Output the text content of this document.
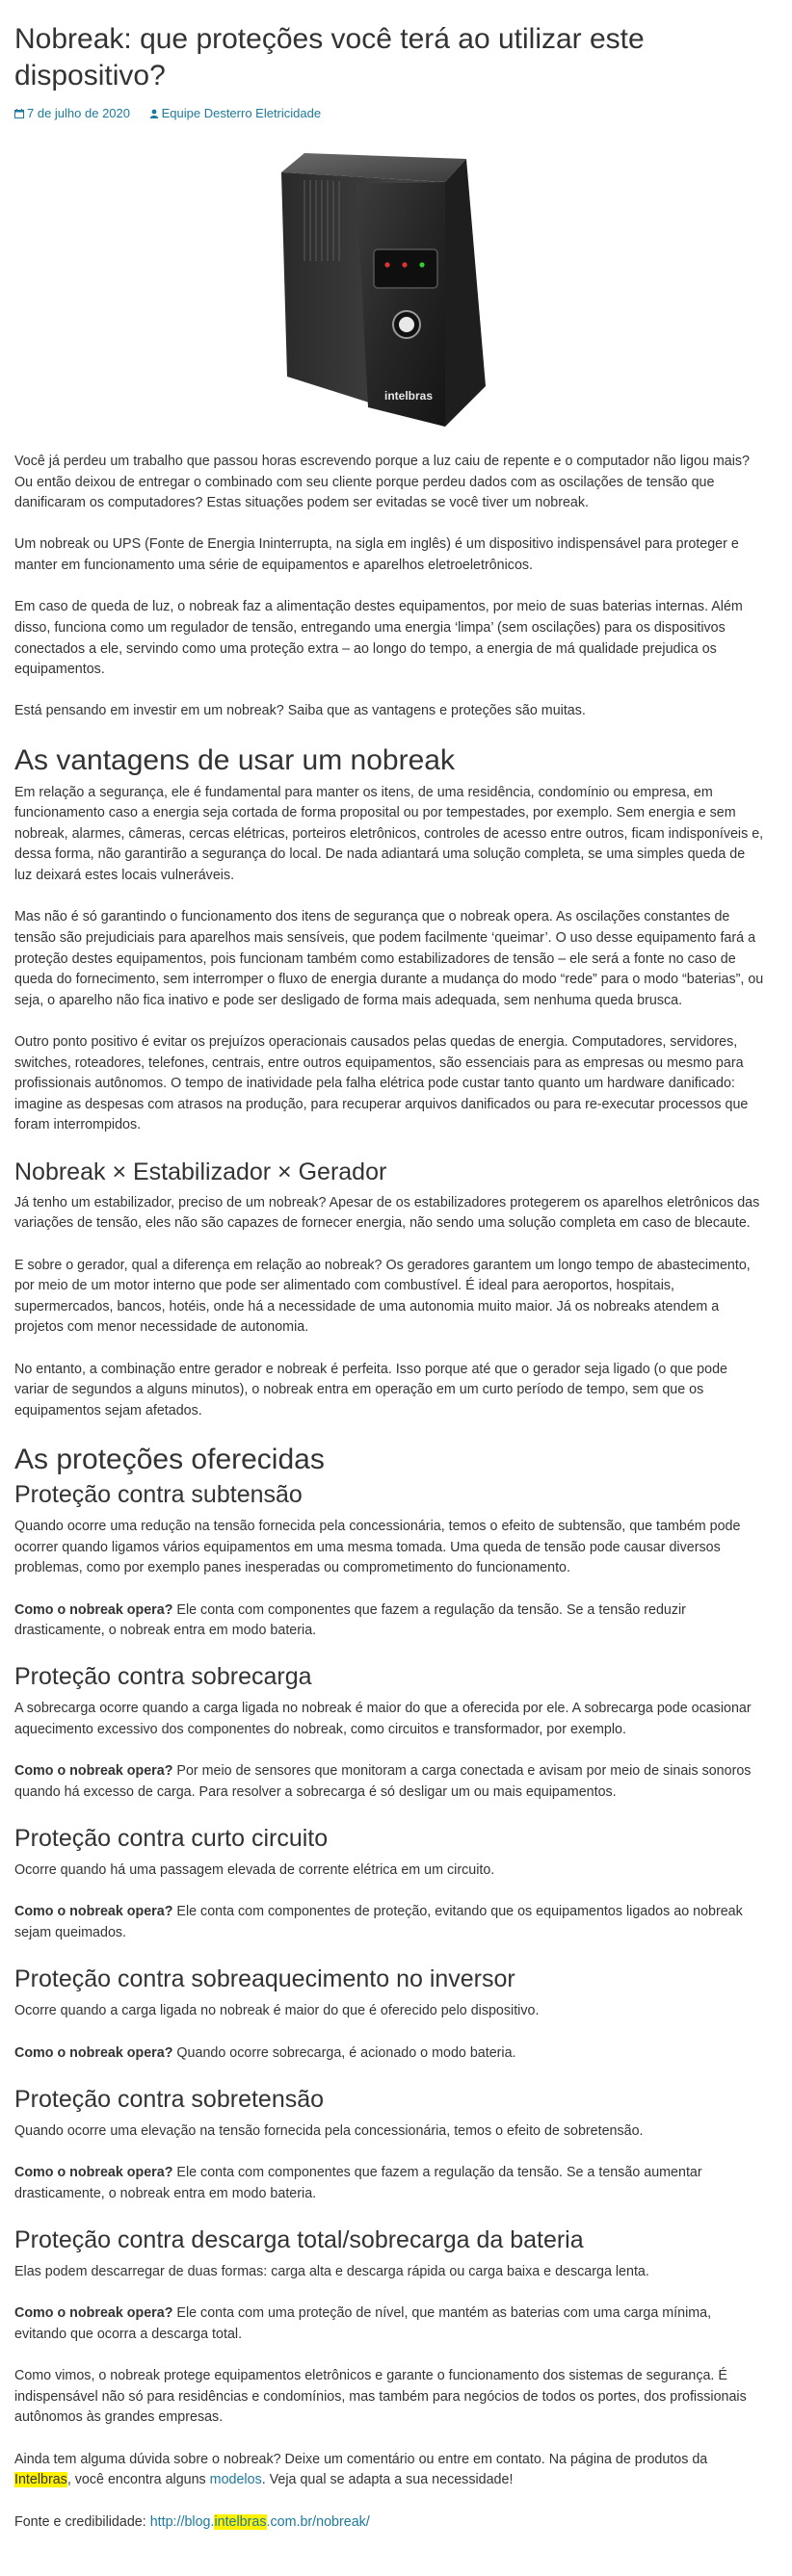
Nobreak: que proteções você terá ao utilizar este dispositivo?
7 de julho de 2020	Equipe Desterro Eletricidade
intelbras

Você já perdeu um trabalho que passou horas escrevendo porque a luz caiu de repente e o computador não ligou mais? Ou então deixou de entregar o combinado com seu cliente porque perdeu dados com as oscilações de tensão que danificaram os computadores? Estas situações podem ser evitadas se você tiver um nobreak.

Um nobreak ou UPS (Fonte de Energia Ininterrupta, na sigla em inglês) é um dispositivo indispensável para proteger e manter em funcionamento uma série de equipamentos e aparelhos eletroeletrônicos.

Em caso de queda de luz, o nobreak faz a alimentação destes equipamentos, por meio de suas baterias internas. Além disso, funciona como um regulador de tensão, entregando uma energia ‘limpa’ (sem oscilações) para os dispositivos conectados a ele, servindo como uma proteção extra – ao longo do tempo, a energia de má qualidade prejudica os equipamentos.

Está pensando em investir em um nobreak? Saiba que as vantagens e proteções são muitas.

As vantagens de usar um nobreak

Em relação a segurança, ele é fundamental para manter os itens, de uma residência, condomínio ou empresa, em funcionamento caso a energia seja cortada de forma proposital ou por tempestades, por exemplo. Sem energia e sem nobreak, alarmes, câmeras, cercas elétricas, porteiros eletrônicos, controles de acesso entre outros, ficam indisponíveis e, dessa forma, não garantirão a segurança do local. De nada adiantará uma solução completa, se uma simples queda de luz deixará estes locais vulneráveis.

Mas não é só garantindo o funcionamento dos itens de segurança que o nobreak opera. As oscilações constantes de tensão são prejudiciais para aparelhos mais sensíveis, que podem facilmente ‘queimar’. O uso desse equipamento fará a proteção destes equipamentos, pois funcionam também como estabilizadores de tensão – ele será a fonte no caso de queda do fornecimento, sem interromper o fluxo de energia durante a mudança do modo “rede” para o modo “baterias”, ou seja, o aparelho não fica inativo e pode ser desligado de forma mais adequada, sem nenhuma queda brusca.

Outro ponto positivo é evitar os prejuízos operacionais causados pelas quedas de energia. Computadores, servidores, switches, roteadores, telefones, centrais, entre outros equipamentos, são essenciais para as empresas ou mesmo para profissionais autônomos. O tempo de inatividade pela falha elétrica pode custar tanto quanto um hardware danificado: imagine as despesas com atrasos na produção, para recuperar arquivos danificados ou para re-executar processos que foram interrompidos.

Nobreak × Estabilizador × Gerador

Já tenho um estabilizador, preciso de um nobreak? Apesar de os estabilizadores protegerem os aparelhos eletrônicos das variações de tensão, eles não são capazes de fornecer energia, não sendo uma solução completa em caso de blecaute.

E sobre o gerador, qual a diferença em relação ao nobreak? Os geradores garantem um longo tempo de abastecimento, por meio de um motor interno que pode ser alimentado com combustível. É ideal para aeroportos, hospitais, supermercados, bancos, hotéis, onde há a necessidade de uma autonomia muito maior. Já os nobreaks atendem a projetos com menor necessidade de autonomia.

No entanto, a combinação entre gerador e nobreak é perfeita. Isso porque até que o gerador seja ligado (o que pode variar de segundos a alguns minutos), o nobreak entra em operação em um curto período de tempo, sem que os equipamentos sejam afetados.

As proteções oferecidas
Proteção contra subtensão

Quando ocorre uma redução na tensão fornecida pela concessionária, temos o efeito de subtensão, que também pode ocorrer quando ligamos vários equipamentos em uma mesma tomada. Uma queda de tensão pode causar diversos problemas, como por exemplo panes inesperadas ou comprometimento do funcionamento.

Como o nobreak opera? Ele conta com componentes que fazem a regulação da tensão. Se a tensão reduzir drasticamente, o nobreak entra em modo bateria.

Proteção contra sobrecarga

A sobrecarga ocorre quando a carga ligada no nobreak é maior do que a oferecida por ele. A sobrecarga pode ocasionar aquecimento excessivo dos componentes do nobreak, como circuitos e transformador, por exemplo.

Como o nobreak opera? Por meio de sensores que monitoram a carga conectada e avisam por meio de sinais sonoros quando há excesso de carga. Para resolver a sobrecarga é só desligar um ou mais equipamentos.

Proteção contra curto circuito

Ocorre quando há uma passagem elevada de corrente elétrica em um circuito.

Como o nobreak opera? Ele conta com componentes de proteção, evitando que os equipamentos ligados ao nobreak sejam queimados.

Proteção contra sobreaquecimento no inversor

Ocorre quando a carga ligada no nobreak é maior do que é oferecido pelo dispositivo.

Como o nobreak opera? Quando ocorre sobrecarga, é acionado o modo bateria.

Proteção contra sobretensão

Quando ocorre uma elevação na tensão fornecida pela concessionária, temos o efeito de sobretensão.

Como o nobreak opera? Ele conta com componentes que fazem a regulação da tensão. Se a tensão aumentar drasticamente, o nobreak entra em modo bateria.

Proteção contra descarga total/sobrecarga da bateria

Elas podem descarregar de duas formas: carga alta e descarga rápida ou carga baixa e descarga lenta.

Como o nobreak opera? Ele conta com uma proteção de nível, que mantém as baterias com uma carga mínima, evitando que ocorra a descarga total.

Como vimos, o nobreak protege equipamentos eletrônicos e garante o funcionamento dos sistemas de segurança. É indispensável não só para residências e condomínios, mas também para negócios de todos os portes, dos profissionais autônomos às grandes empresas.

Ainda tem alguma dúvida sobre o nobreak? Deixe um comentário ou entre em contato. Na página de produtos da Intelbras, você encontra alguns modelos. Veja qual se adapta a sua necessidade!

Fonte e credibilidade: http://blog.intelbras.com.br/nobreak/
